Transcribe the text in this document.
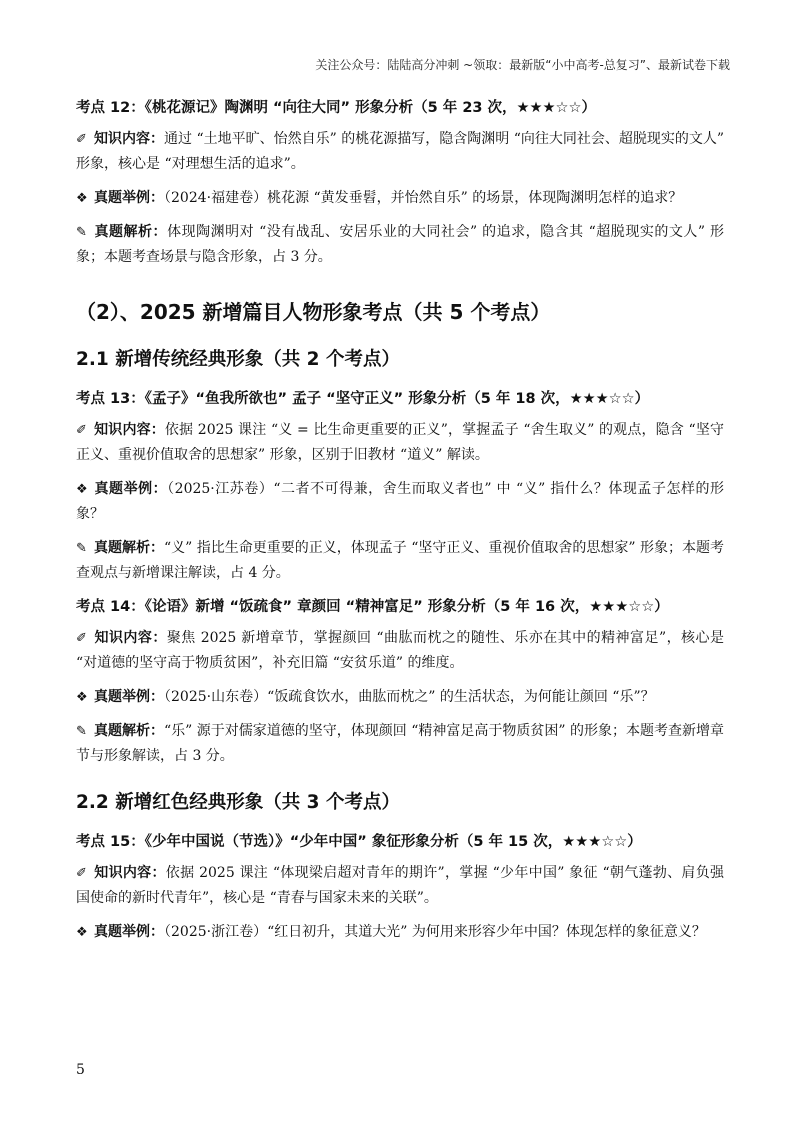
关注公众号：陆陆高分冲刺 ~领取：最新版“小中高考-总复习”、最新试卷下载
考点 12：《桃花源记》陶渊明 “向往大同” 形象分析（5 年 23 次，★★★☆☆）

✐ 知识内容：通过 “土地平旷、怡然自乐” 的桃花源描写，隐含陶渊明 “向往大同社会、超脱现实的文人” 形象，核心是 “对理想生活的追求”。

❖ 真题举例：（2024·福建卷）桃花源 “黄发垂髫，并怡然自乐” 的场景，体现陶渊明怎样的追求？

✎ 真题解析：体现陶渊明对 “没有战乱、安居乐业的大同社会” 的追求，隐含其 “超脱现实的文人” 形象；本题考查场景与隐含形象，占 3 分。

（2）、2025 新增篇目人物形象考点（共 5 个考点）
2.1 新增传统经典形象（共 2 个考点）
考点 13：《孟子》“鱼我所欲也” 孟子 “坚守正义” 形象分析（5 年 18 次，★★★☆☆）

✐ 知识内容：依据 2025 课注 “义 = 比生命更重要的正义”，掌握孟子 “舍生取义” 的观点，隐含 “坚守正义、重视价值取舍的思想家” 形象，区别于旧教材 “道义” 解读。

❖ 真题举例：（2025·江苏卷）“二者不可得兼，舍生而取义者也” 中 “义” 指什么？体现孟子怎样的形象？

✎ 真题解析：“义” 指比生命更重要的正义，体现孟子 “坚守正义、重视价值取舍的思想家” 形象；本题考查观点与新增课注解读，占 4 分。

考点 14：《论语》新增 “饭疏食” 章颜回 “精神富足” 形象分析（5 年 16 次，★★★☆☆）

✐ 知识内容：聚焦 2025 新增章节，掌握颜回 “曲肱而枕之的随性、乐亦在其中的精神富足”，核心是 “对道德的坚守高于物质贫困”，补充旧篇 “安贫乐道” 的维度。

❖ 真题举例：（2025·山东卷）“饭疏食饮水，曲肱而枕之” 的生活状态，为何能让颜回 “乐”？

✎ 真题解析：“乐” 源于对儒家道德的坚守，体现颜回 “精神富足高于物质贫困” 的形象；本题考查新增章节与形象解读，占 3 分。

2.2 新增红色经典形象（共 3 个考点）
考点 15：《少年中国说（节选）》“少年中国” 象征形象分析（5 年 15 次，★★★☆☆）

✐ 知识内容：依据 2025 课注 “体现梁启超对青年的期许”，掌握 “少年中国” 象征 “朝气蓬勃、肩负强国使命的新时代青年”，核心是 “青春与国家未来的关联”。

❖ 真题举例：（2025·浙江卷）“红日初升，其道大光” 为何用来形容少年中国？体现怎样的象征意义？

5
